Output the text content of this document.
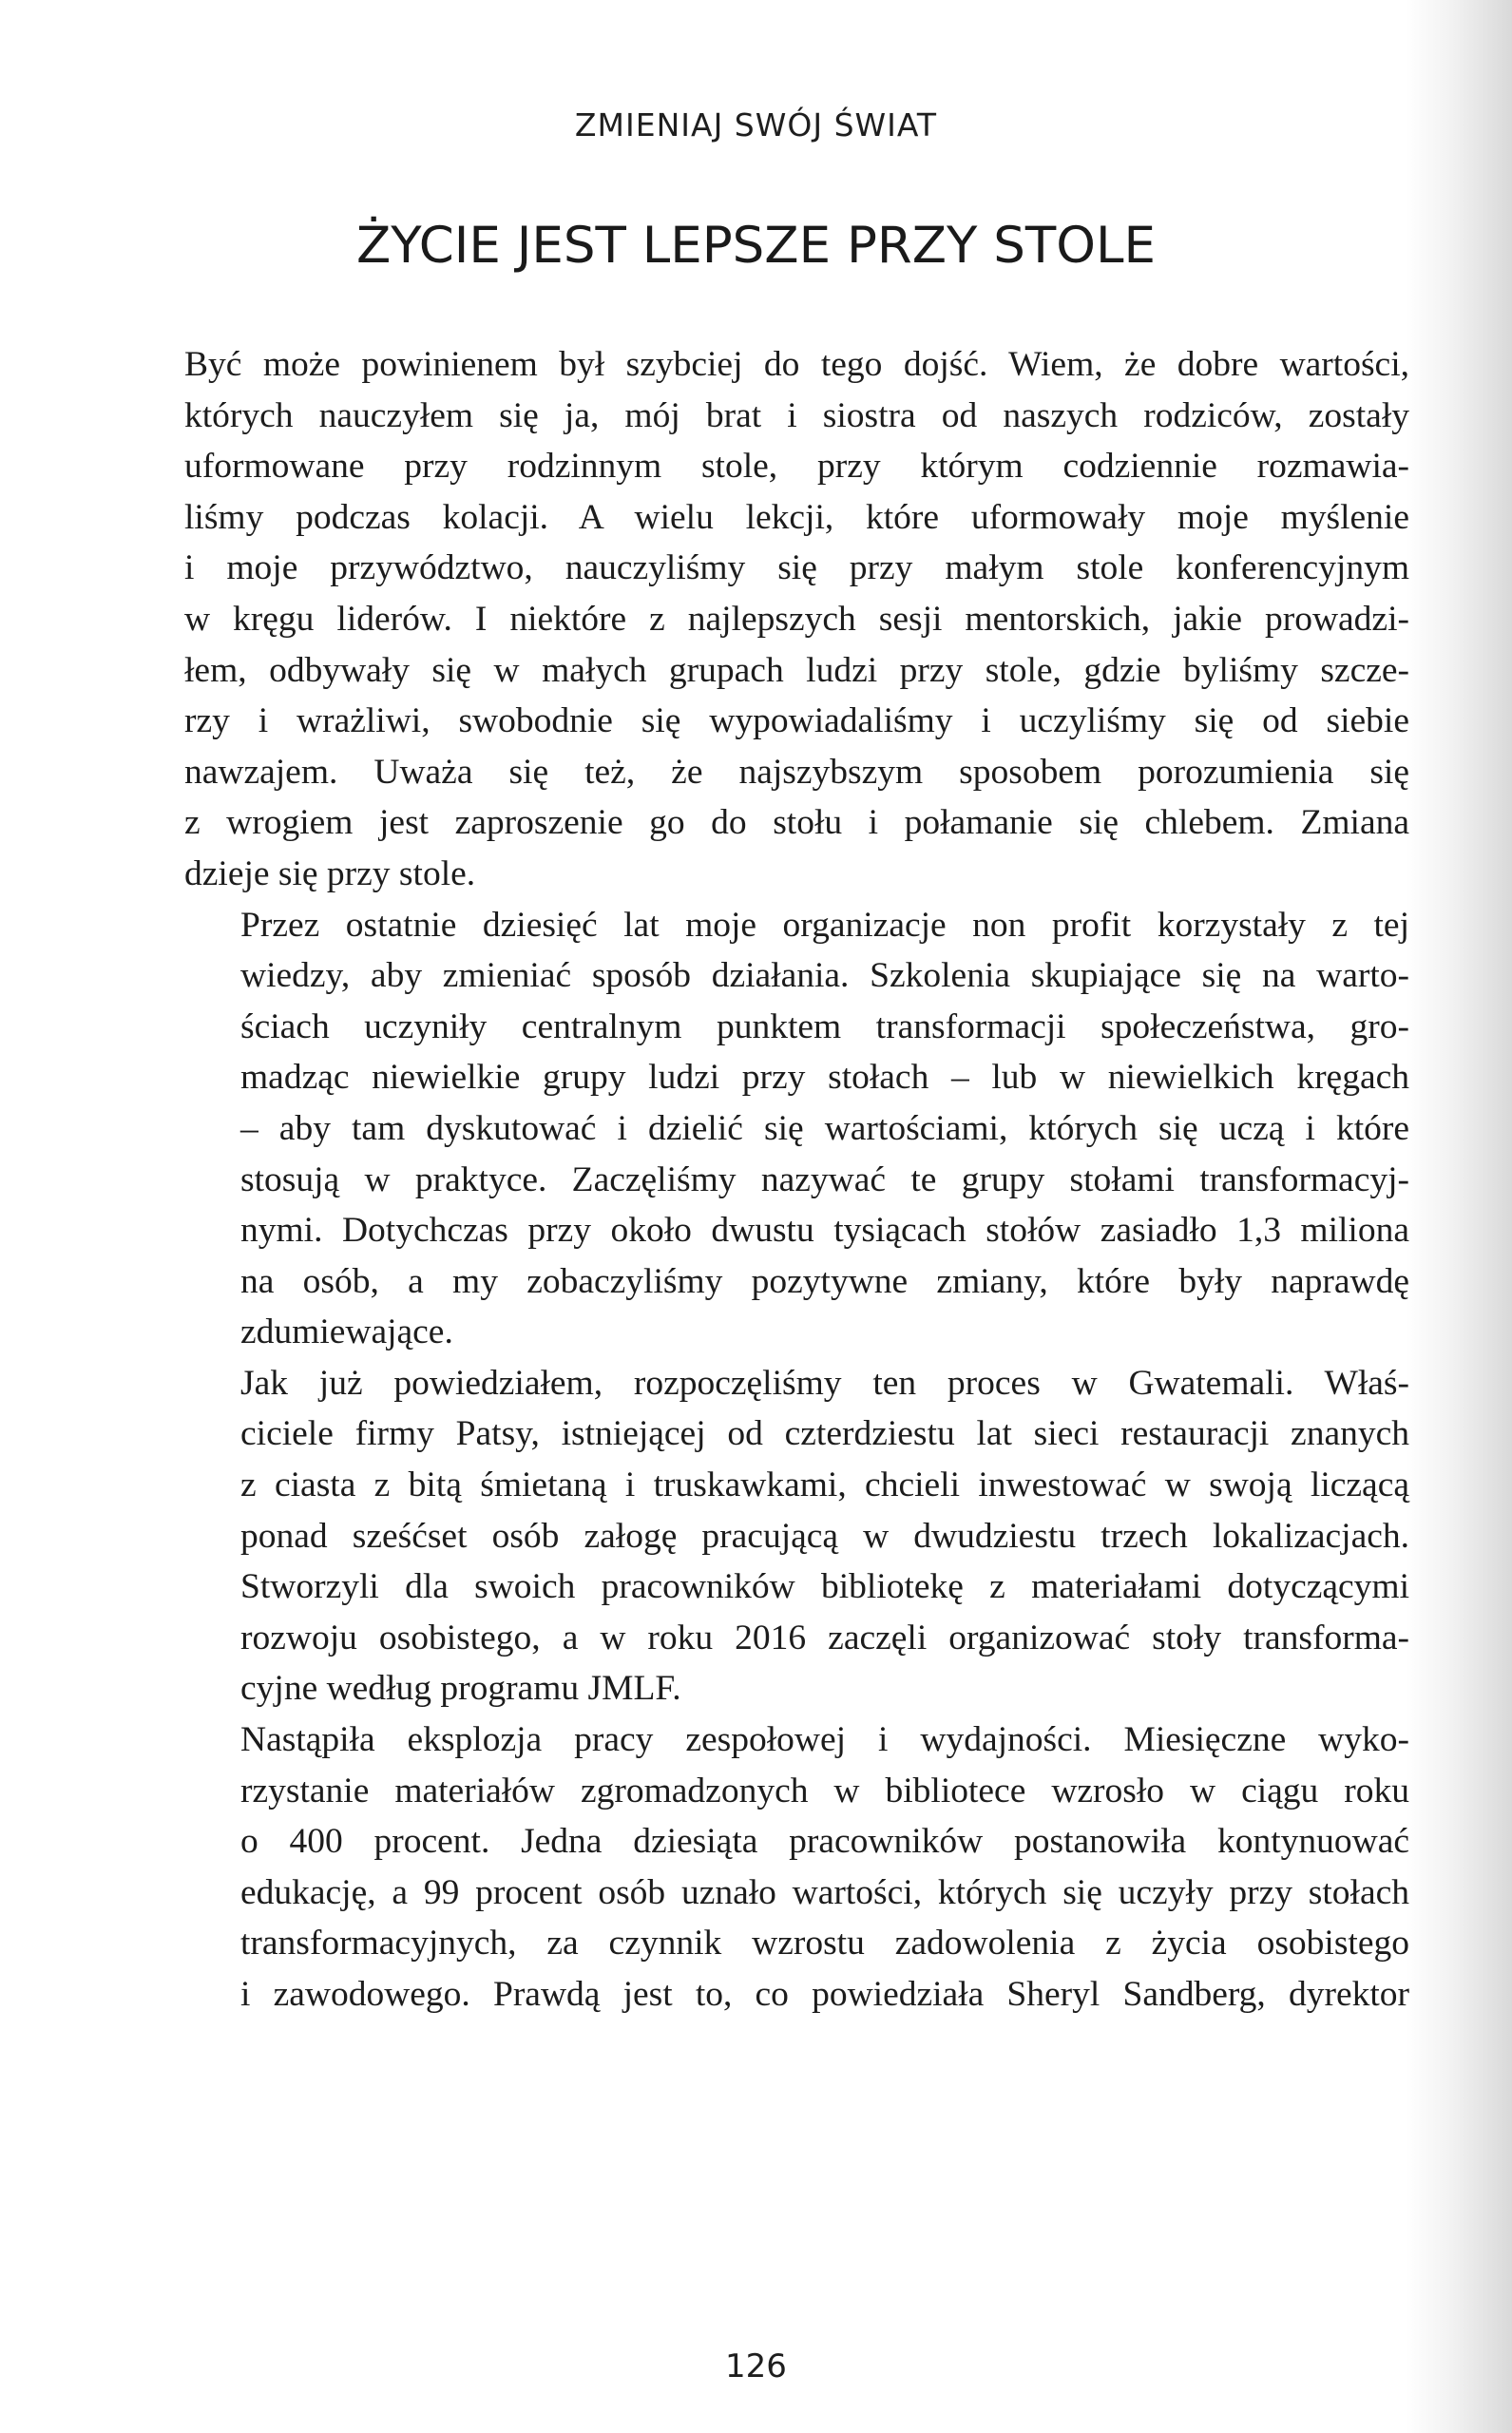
ZMIENIAJ SWÓJ ŚWIAT
ŻYCIE JEST LEPSZE PRZY STOLE

Być może powinienem był szybciej do tego dojść. Wiem, że dobre wartości,
których nauczyłem się ja, mój brat i siostra od naszych rodziców, zostały
uformowane przy rodzinnym stole, przy którym codziennie rozmawia-
liśmy podczas kolacji. A wielu lekcji, które uformowały moje myślenie
i moje przywództwo, nauczyliśmy się przy małym stole konferencyjnym
w kręgu liderów. I niektóre z najlepszych sesji mentorskich, jakie prowadzi-
łem, odbywały się w małych grupach ludzi przy stole, gdzie byliśmy szcze-
rzy i wrażliwi, swobodnie się wypowiadaliśmy i uczyliśmy się od siebie
nawzajem. Uważa się też, że najszybszym sposobem porozumienia się
z wrogiem jest zaproszenie go do stołu i połamanie się chlebem. Zmiana
dzieje się przy stole.

Przez ostatnie dziesięć lat moje organizacje non profit korzystały z tej
wiedzy, aby zmieniać sposób działania. Szkolenia skupiające się na warto-
ściach uczyniły centralnym punktem transformacji społeczeństwa, gro-
madząc niewielkie grupy ludzi przy stołach – lub w niewielkich kręgach
– aby tam dyskutować i dzielić się wartościami, których się uczą i które
stosują w praktyce. Zaczęliśmy nazywać te grupy stołami transformacyj-
nymi. Dotychczas przy około dwustu tysiącach stołów zasiadło 1,3 miliona
na osób, a my zobaczyliśmy pozytywne zmiany, które były naprawdę
zdumiewające.

Jak już powiedziałem, rozpoczęliśmy ten proces w Gwatemali. Właś-
ciciele firmy Patsy, istniejącej od czterdziestu lat sieci restauracji znanych
z ciasta z bitą śmietaną i truskawkami, chcieli inwestować w swoją liczącą
ponad sześćset osób załogę pracującą w dwudziestu trzech lokalizacjach.
Stworzyli dla swoich pracowników bibliotekę z materiałami dotyczącymi
rozwoju osobistego, a w roku 2016 zaczęli organizować stoły transforma-
cyjne według programu JMLF.

Nastąpiła eksplozja pracy zespołowej i wydajności. Miesięczne wyko-
rzystanie materiałów zgromadzonych w bibliotece wzrosło w ciągu roku
o 400 procent. Jedna dziesiąta pracowników postanowiła kontynuować
edukację, a 99 procent osób uznało wartości, których się uczyły przy stołach
transformacyjnych, za czynnik wzrostu zadowolenia z życia osobistego
i zawodowego. Prawdą jest to, co powiedziała Sheryl Sandberg, dyrektor

126
